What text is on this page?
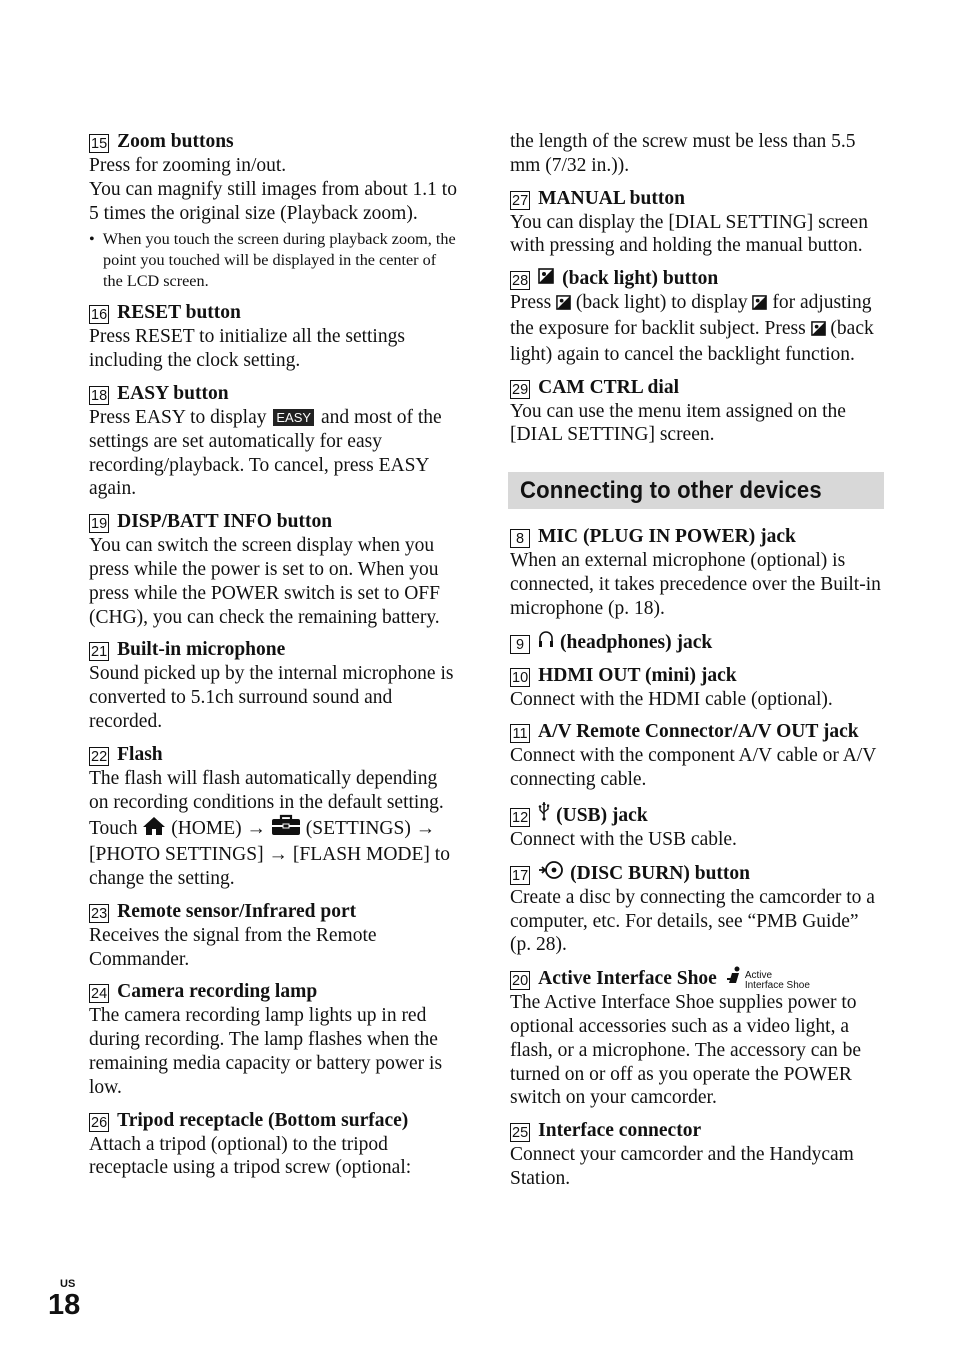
15 Zoom buttons
Press for zooming in/out.
You can magnify still images from about 1.1 to 5 times the original size (Playback zoom).
•  When you touch the screen during playback zoom, the point you touched will be displayed in the center of the LCD screen.
16 RESET button
Press RESET to initialize all the settings including the clock setting.
18 EASY button
Press EASY to display EASY and most of the settings are set automatically for easy recording/playback. To cancel, press EASY again.
19 DISP/BATT INFO button
You can switch the screen display when you press while the power is set to on. When you press while the POWER switch is set to OFF (CHG), you can check the remaining battery.
21 Built-in microphone
Sound picked up by the internal microphone is converted to 5.1ch surround sound and recorded.
22 Flash
The flash will flash automatically depending on recording conditions in the default setting.
Touch (HOME) → (SETTINGS) → [PHOTO SETTINGS] → [FLASH MODE] to change the setting.
23 Remote sensor/Infrared port
Receives the signal from the Remote Commander.
24 Camera recording lamp
The camera recording lamp lights up in red during recording. The lamp flashes when the remaining media capacity or battery power is low.
26 Tripod receptacle (Bottom surface)
Attach a tripod (optional) to the tripod receptacle using a tripod screw (optional:
the length of the screw must be less than 5.5 mm (7/32 in.)).
27 MANUAL button
You can display the [DIAL SETTING] screen with pressing and holding the manual button.
28 (back light) button
Press (back light) to display for adjusting the exposure for backlit subject. Press (back light) again to cancel the backlight function.
29 CAM CTRL dial
You can use the menu item assigned on the [DIAL SETTING] screen.
Connecting to other devices
8 MIC (PLUG IN POWER) jack
When an external microphone (optional) is connected, it takes precedence over the Built-in microphone (p. 18).
9	(headphones) jack
10 HDMI OUT (mini) jack
Connect with the HDMI cable (optional).
11 A/V Remote Connector/A/V OUT jack
Connect with the component A/V cable or A/V connecting cable.
12 (USB) jack
Connect with the USB cable.
17 (DISC BURN) button
Create a disc by connecting the camcorder to a computer, etc. For details, see “PMB Guide” (p. 28).
20 Active Interface Shoe	Active
Interface Shoe
The Active Interface Shoe supplies power to optional accessories such as a video light, a flash, or a microphone. The accessory can be turned on or off as you operate the POWER switch on your camcorder.
25 Interface connector
Connect your camcorder and the Handycam Station.
US
18
